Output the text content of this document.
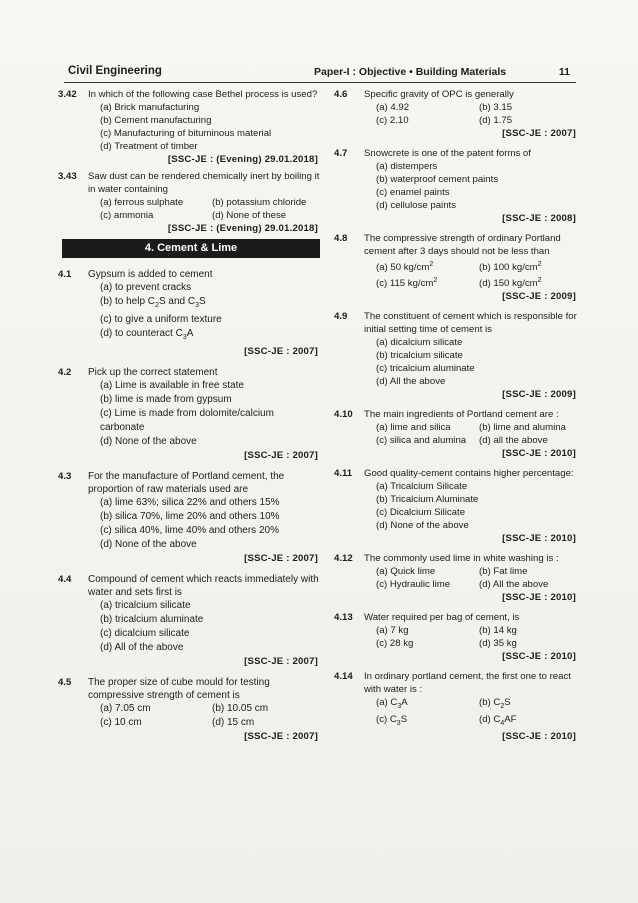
Civil Engineering	Paper-I : Objective • Building Materials	11
3.42 In which of the following case Bethel process is used?
(a) Brick manufacturing
(b) Cement manufacturing
(c) Manufacturing of bituminous material
(d) Treatment of timber
[SSC-JE : (Evening) 29.01.2018]
3.43 Saw dust can be rendered chemically inert by boiling it in water containing
(a) ferrous sulphate	(b) potassium chloride
(c) ammonia	(d) None of these
[SSC-JE : (Evening) 29.01.2018]
4. Cement & Lime
4.1 Gypsum is added to cement
(a) to prevent cracks
(b) to help $C_2S$ and $C_3S$
(c) to give a uniform texture
(d) to counteract $C_3A$
[SSC-JE : 2007]
4.2 Pick up the correct statement
(a) Lime is available in free state
(b) lime is made from gypsum
(c) Lime is made from dolomite/calcium carbonate
(d) None of the above
[SSC-JE : 2007]
4.3 For the manufacture of Portland cement, the proportion of raw materials used are
(a) lime 63%; silica 22% and others 15%
(b) silica 70%, lime 20% and others 10%
(c) silica 40%, lime 40% and others 20%
(d) None of the above
[SSC-JE : 2007]
4.4 Compound of cement which reacts immediately with water and sets first is
(a) tricalcium silicate
(b) tricalcium aluminate
(c) dicalcium silicate
(d) All of the above
[SSC-JE : 2007]
4.5 The proper size of cube mould for testing compressive strength of cement is
(a) 7.05 cm	(b) 10.05 cm
(c) 10 cm	(d) 15 cm
[SSC-JE : 2007]
4.6 Specific gravity of OPC is generally
(a) 4.92	(b) 3.15
(c) 2.10	(d) 1.75
[SSC-JE : 2007]
4.7 Snowcrete is one of the patent forms of
(a) distempers
(b) waterproof cement paints
(c) enamel paints
(d) cellulose paints
[SSC-JE : 2008]
4.8 The compressive strength of ordinary Portland cement after 3 days should not be less than
(a) 50 $kg/cm^2$	(b) 100 $kg/cm^2$
(c) 115 $kg/cm^2$	(d) 150 $kg/cm^2$
[SSC-JE : 2009]
4.9 The constituent of cement which is responsible for initial setting time of cement is
(a) dicalcium silicate
(b) tricalcium silicate
(c) tricalcium aluminate
(d) All the above
[SSC-JE : 2009]
4.10 The main ingredients of Portland cement are :
(a) lime and silica	(b) lime and alumina
(c) silica and alumina	(d) all the above
[SSC-JE : 2010]
4.11 Good quality-cement contains higher percentage:
(a) Tricalcium Silicate
(b) Tricalcium Aluminate
(c) Dicalcium Silicate
(d) None of the above
[SSC-JE : 2010]
4.12 The commonly used lime in white washing is :
(a) Quick lime	(b) Fat lime
(c) Hydraulic lime	(d) All the above
[SSC-JE : 2010]
4.13 Water required per bag of cement, is
(a) 7 kg	(b) 14 kg
(c) 28 kg	(d) 35 kg
[SSC-JE : 2010]
4.14 In ordinary portland cement, the first one to react with water is :
(a) $C_3A$	(b) $C_2S$
(c) $C_3S$	(d) $C_4AF$
[SSC-JE : 2010]
